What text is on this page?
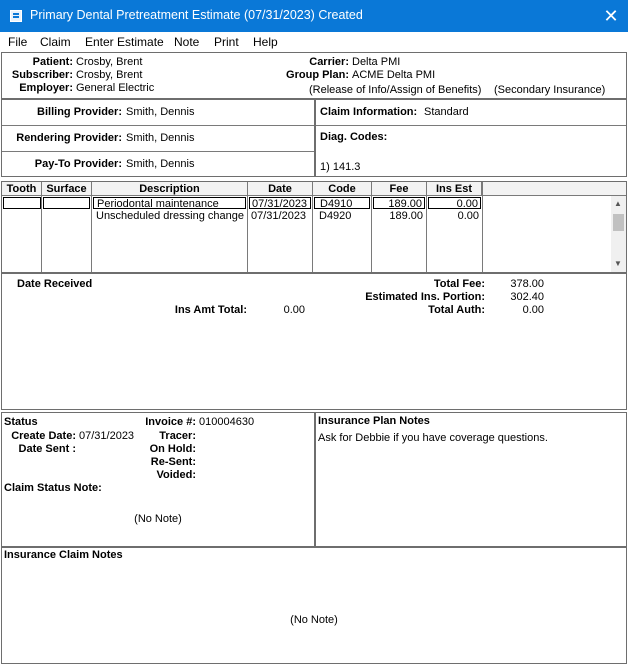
Primary Dental Pretreatment Estimate (07/31/2023) Created	✕
File Claim Enter Estimate Note Print Help
Patient: Crosby, Brent
Subscriber: Crosby, Brent
Employer: General Electric
Carrier: Delta PMI
Group Plan: ACME Delta PMI
(Release of Info/Assign of Benefits) (Secondary Insurance)
Billing Provider: Smith, Dennis
Rendering Provider: Smith, Dennis
Pay-To Provider: Smith, Dennis
Claim Information: Standard
Diag. Codes:
1) 141.3
Tooth Surface	Description	Date	Code	Fee	Ins Est
Periodontal maintenance	07/31/2023	D4910	189.00	0.00
Unscheduled dressing change 07/31/2023	D4920	189.00	0.00
▲
▼
Date Received	Total Fee:	378.00
Estimated Ins. Portion:	302.40
Ins Amt Total:	0.00	Total Auth:	0.00
Status	Invoice #: 010004630
Create Date: 07/31/2023	Tracer:
Date Sent :	On Hold:
Re-Sent:
Voided:
Claim Status Note:
(No Note)
Insurance Plan Notes
Ask for Debbie if you have coverage questions.
Insurance Claim Notes
(No Note)
